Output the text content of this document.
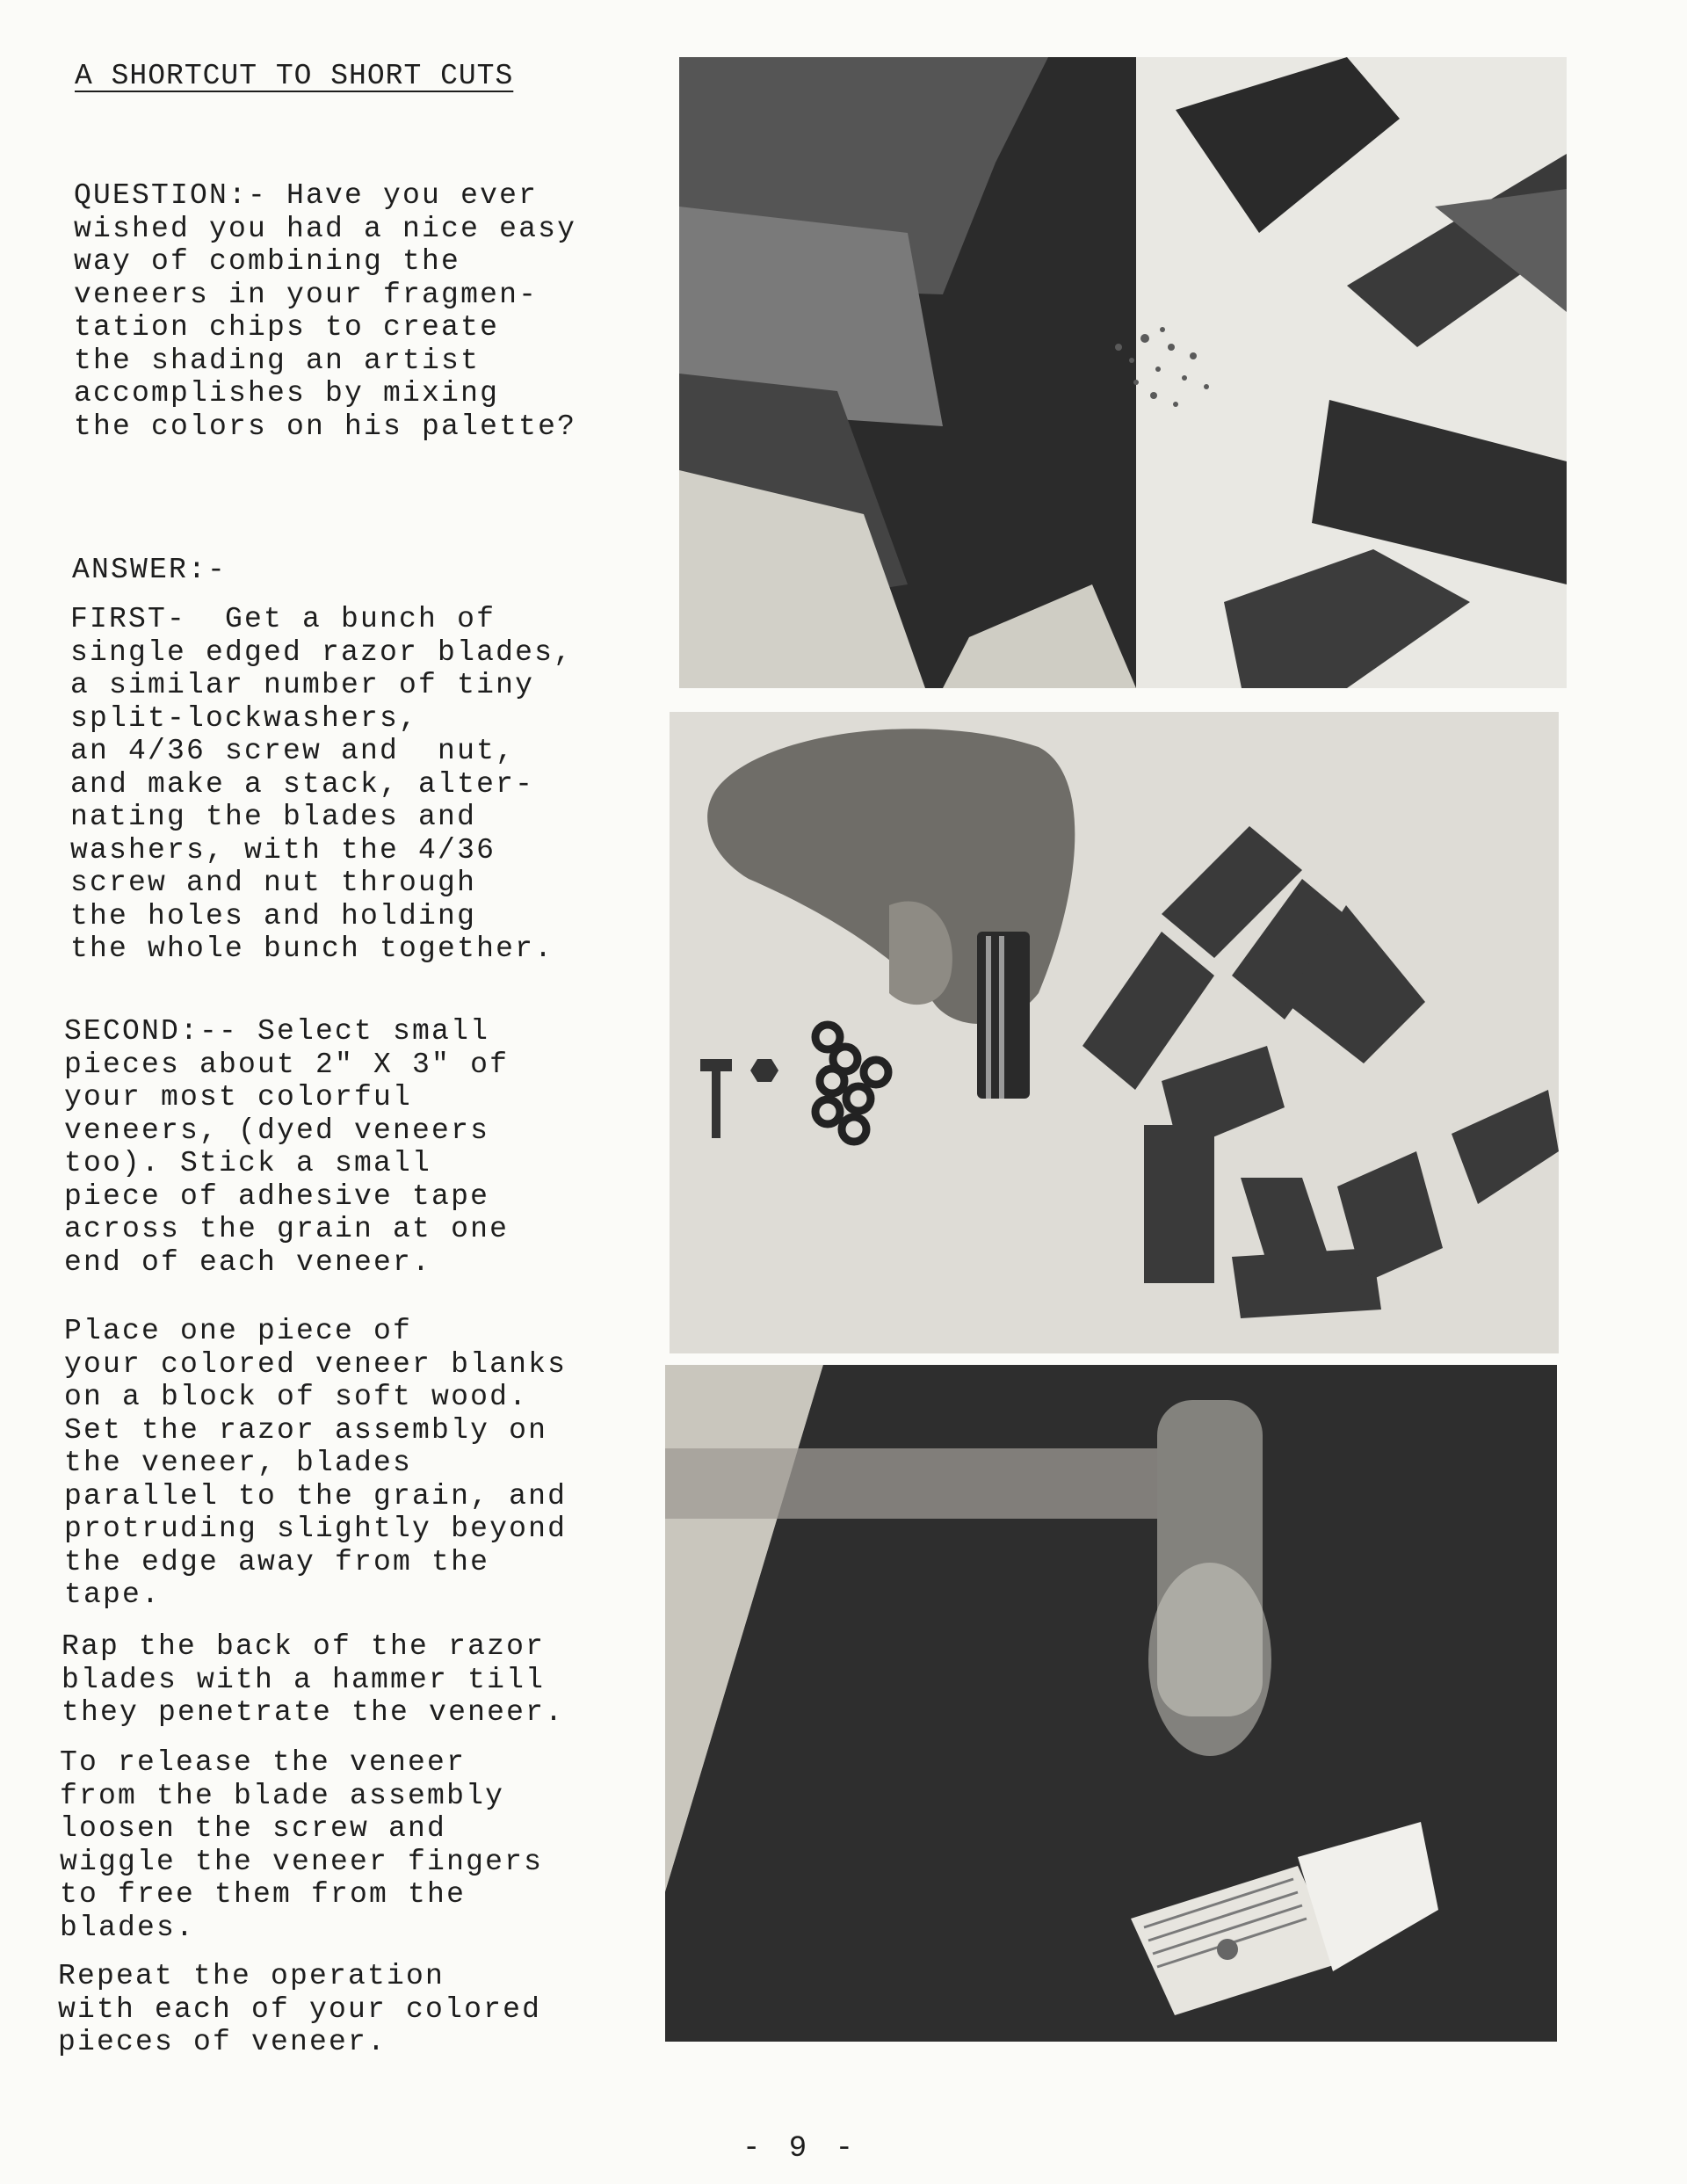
A SHORTCUT TO SHORT CUTS

QUESTION:- Have you ever
wished you had a nice easy
way of combining the
veneers in your fragmen-
tation chips to create
the shading an artist
accomplishes by mixing
the colors on his palette?

ANSWER:-

FIRST-  Get a bunch of
single edged razor blades,
a similar number of tiny
split-lockwashers,
an 4/36 screw and  nut,
and make a stack, alter-
nating the blades and
washers, with the 4/36
screw and nut through
the holes and holding
the whole bunch together.

SECOND:-- Select small
pieces about 2" X 3" of
your most colorful
veneers, (dyed veneers
too). Stick a small
piece of adhesive tape
across the grain at one
end of each veneer.

Place one piece of
your colored veneer blanks
on a block of soft wood.
Set the razor assembly on
the veneer, blades
parallel to the grain, and
protruding slightly beyond
the edge away from the
tape.

Rap the back of the razor
blades with a hammer till
they penetrate the veneer.

To release the veneer
from the blade assembly
loosen the screw and
wiggle the veneer fingers
to free them from the
blades.

Repeat the operation
with each of your colored
pieces of veneer.

- 9 -
